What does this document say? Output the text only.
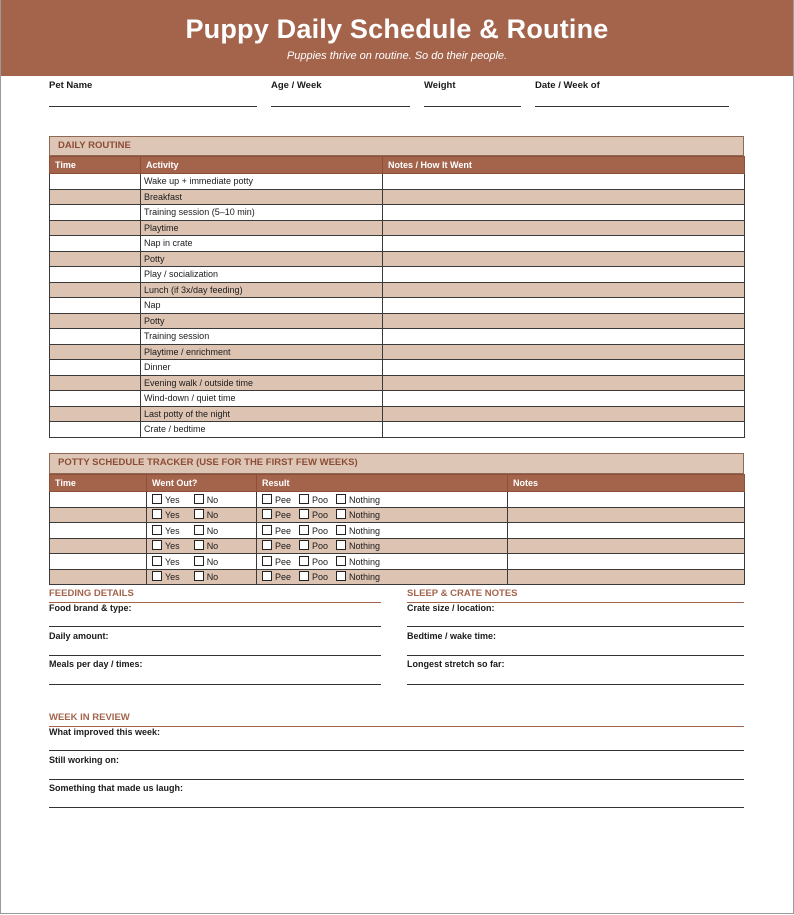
Puppy Daily Schedule & Routine
Puppies thrive on routine. So do their people.
Pet Name	Age / Week	Weight	Date / Week of
DAILY ROUTINE
Time	Activity	Notes / How It Went
	Wake up + immediate potty	
	Breakfast	
	Training session (5–10 min)	
	Playtime	
	Nap in crate	
	Potty	
	Play / socialization	
	Lunch (if 3x/day feeding)	
	Nap	
	Potty	
	Training session	
	Playtime / enrichment	
	Dinner	
	Evening walk / outside time	
	Wind-down / quiet time	
	Last potty of the night	
	Crate / bedtime	
POTTY SCHEDULE TRACKER (USE FOR THE FIRST FEW WEEKS)
Time	Went Out?	Result	Notes
	Yes No	Pee Poo Nothing	
	Yes No	Pee Poo Nothing	
	Yes No	Pee Poo Nothing	
	Yes No	Pee Poo Nothing	
	Yes No	Pee Poo Nothing	
	Yes No	Pee Poo Nothing	
FEEDING DETAILS
Food brand & type:
Daily amount:
Meals per day / times:
SLEEP & CRATE NOTES
Crate size / location:
Bedtime / wake time:
Longest stretch so far:
WEEK IN REVIEW
What improved this week:
Still working on:
Something that made us laugh:
